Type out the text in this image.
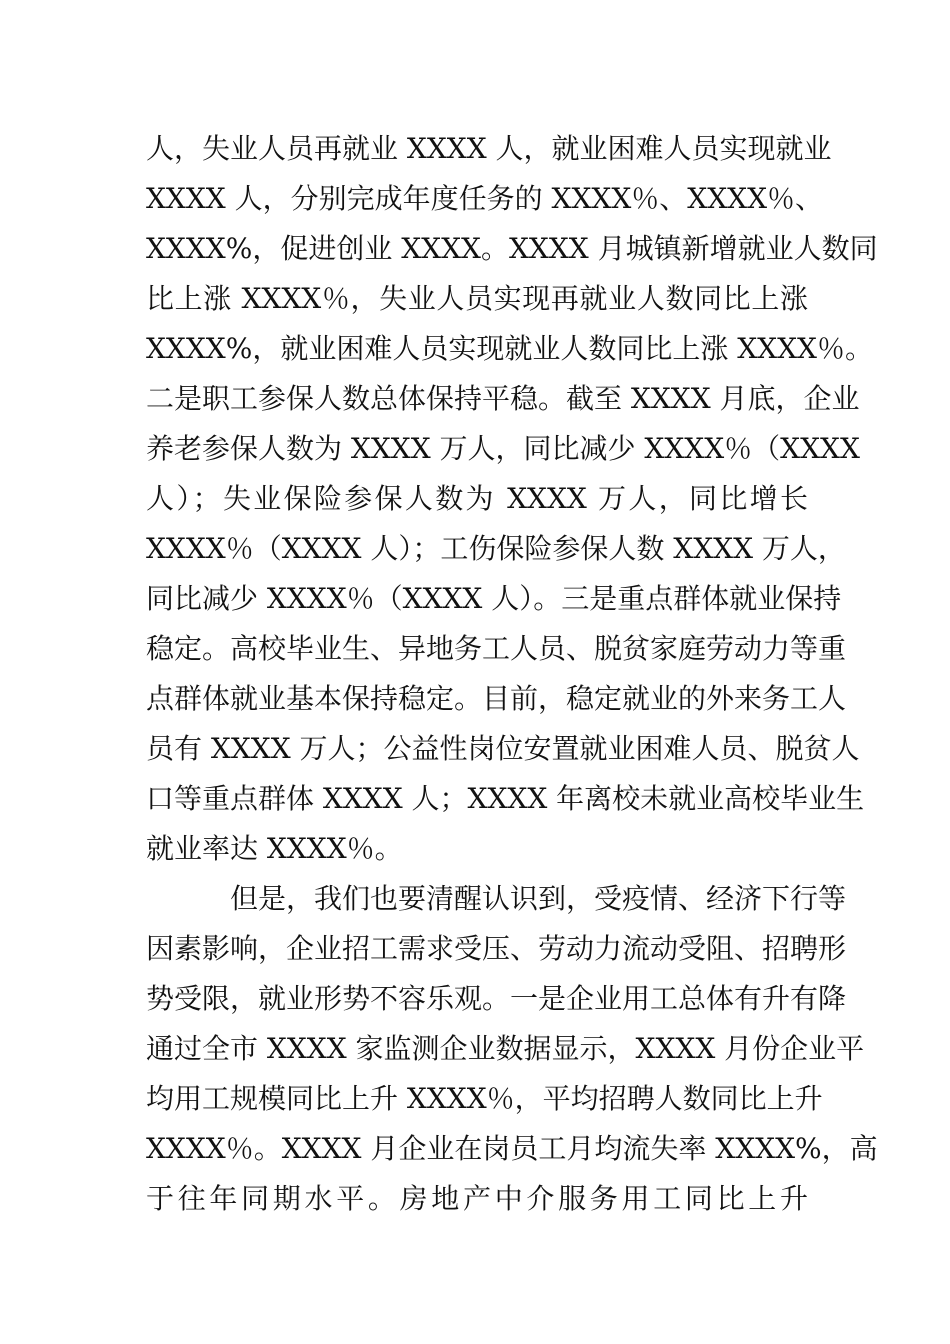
人，失业人员再就业 XXXX 人，就业困难人员实现就业
XXXX 人，分别完成年度任务的 XXXX％、XXXX％、
XXXX%，促进创业 XXXX。XXXX 月城镇新增就业人数同
比上涨 XXXX％，失业人员实现再就业人数同比上涨
XXXX%，就业困难人员实现就业人数同比上涨 XXXX％。
二是职工参保人数总体保持平稳。截至 XXXX 月底，企业
养老参保人数为 XXXX 万人，同比减少 XXXX％（XXXX
人）；失业保险参保人数为 XXXX 万人，同比增长
XXXX％（XXXX 人）；工伤保险参保人数 XXXX 万人，
同比减少 XXXX％（XXXX 人）。三是重点群体就业保持
稳定。高校毕业生、异地务工人员、脱贫家庭劳动力等重
点群体就业基本保持稳定。目前，稳定就业的外来务工人
员有 XXXX 万人；公益性岗位安置就业困难人员、脱贫人
口等重点群体 XXXX 人；XXXX 年离校未就业高校毕业生
就业率达 XXXX％。
但是，我们也要清醒认识到，受疫情、经济下行等
因素影响，企业招工需求受压、劳动力流动受阻、招聘形
势受限，就业形势不容乐观。一是企业用工总体有升有降
通过全市 XXXX 家监测企业数据显示，XXXX 月份企业平
均用工规模同比上升 XXXX％，平均招聘人数同比上升
XXXX％。XXXX 月企业在岗员工月均流失率 XXXX%，高
于往年同期水平。房地产中介服务用工同比上升
